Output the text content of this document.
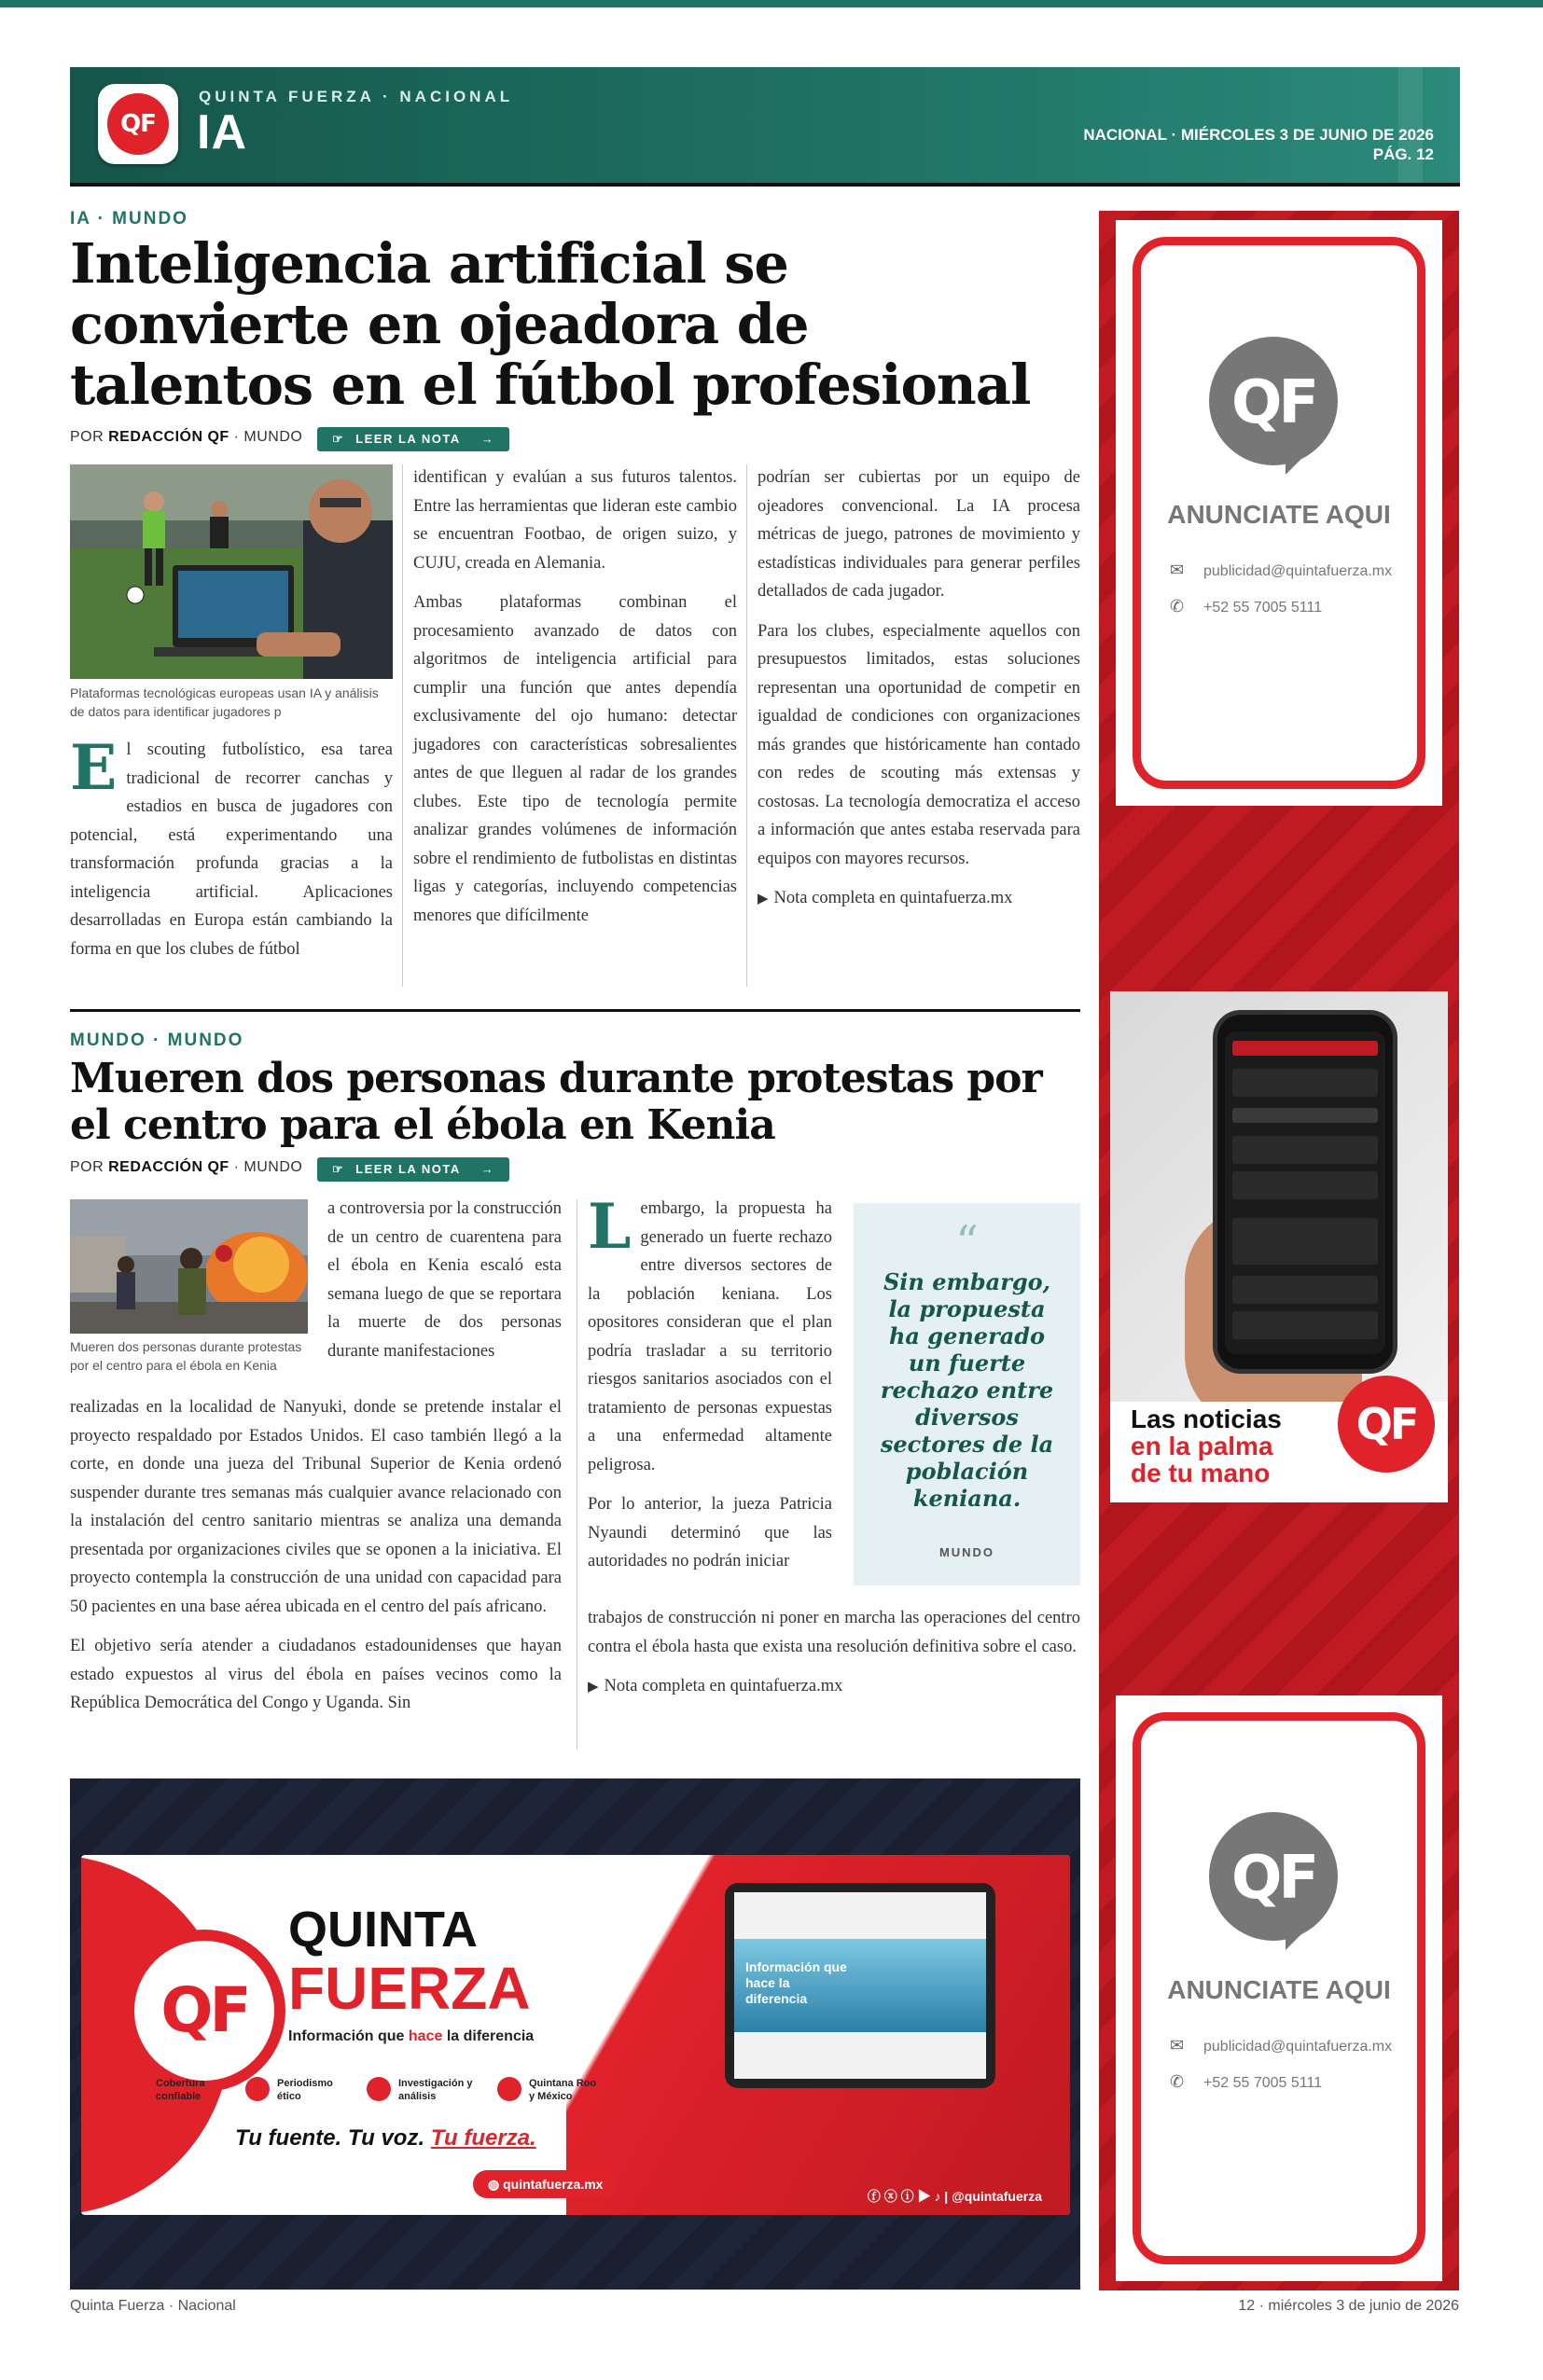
QF
QUINTA FUERZA · NACIONAL
IA	NACIONAL · MIÉRCOLES 3 DE JUNIO DE 2026
PÁG. 12
IA · MUNDO
Inteligencia artificial se
convierte en ojeadora de
talentos en el fútbol profesional
POR REDACCIÓN QF · MUNDO	☞ LEER LA NOTA →
Plataformas tecnológicas europeas usan IA y análisis de datos para identificar jugadores p
El scouting futbolístico, esa tarea tradicional de recorrer canchas y estadios en busca de jugadores con potencial, está experimentando una transformación profunda gracias a la inteligencia artificial. Aplicaciones desarrolladas en Europa están cambiando la forma en que los clubes de fútbol

identifican y evalúan a sus futuros talentos. Entre las herramientas que lideran este cambio se encuentran Footbao, de origen suizo, y CUJU, creada en Alemania.

Ambas plataformas combinan el procesamiento avanzado de datos con algoritmos de inteligencia artificial para cumplir una función que antes dependía exclusivamente del ojo humano: detectar jugadores con características sobresalientes antes de que lleguen al radar de los grandes clubes. Este tipo de tecnología permite analizar grandes volúmenes de información sobre el rendimiento de futbolistas en distintas ligas y categorías, incluyendo competencias menores que difícilmente

podrían ser cubiertas por un equipo de ojeadores convencional. La IA procesa métricas de juego, patrones de movimiento y estadísticas individuales para generar perfiles detallados de cada jugador.

Para los clubes, especialmente aquellos con presupuestos limitados, estas soluciones representan una oportunidad de competir en igualdad de condiciones con organizaciones más grandes que históricamente han contado con redes de scouting más extensas y costosas. La tecnología democratiza el acceso a información que antes estaba reservada para equipos con mayores recursos.

▶ Nota completa en quintafuerza.mx

MUNDO · MUNDO
Mueren dos personas durante protestas por
el centro para el ébola en Kenia
POR REDACCIÓN QF · MUNDO	☞ LEER LA NOTA →
Mueren dos personas durante protestas por el centro para el ébola en Kenia
a controversia por la construcción de un centro de cuarentena para el ébola en Kenia escaló esta semana luego de que se reportara la muerte de dos personas durante manifestaciones

realizadas en la localidad de Nanyuki, donde se pretende instalar el proyecto respaldado por Estados Unidos. El caso también llegó a la corte, en donde una jueza del Tribunal Superior de Kenia ordenó suspender durante tres semanas más cualquier avance relacionado con la instalación del centro sanitario mientras se analiza una demanda presentada por organizaciones civiles que se oponen a la iniciativa. El proyecto contempla la construcción de una unidad con capacidad para 50 pacientes en una base aérea ubicada en el centro del país africano.

El objetivo sería atender a ciudadanos estadounidenses que hayan estado expuestos al virus del ébola en países vecinos como la República Democrática del Congo y Uganda. Sin

Lembargo, la propuesta ha generado un fuerte rechazo entre diversos sectores de la población keniana. Los opositores consideran que el plan podría trasladar a su territorio riesgos sanitarios asociados con el tratamiento de personas expuestas a una enfermedad altamente peligrosa.

Por lo anterior, la jueza Patricia Nyaundi determinó que las autoridades no podrán iniciar

trabajos de construcción ni poner en marcha las operaciones del centro contra el ébola hasta que exista una resolución definitiva sobre el caso.

▶ Nota completa en quintafuerza.mx

“
Sin embargo, la propuesta ha generado un fuerte rechazo entre diversos sectores de la población keniana.
MUNDO
QF
ANUNCIATE AQUI
✉ publicidad@quintafuerza.mx
✆ +52 55 7005 5111
Las noticias
en la palma
de tu mano
QF
QF
ANUNCIATE AQUI
✉ publicidad@quintafuerza.mx
✆ +52 55 7005 5111
QF
QUINTA
FUERZA
Información que hace la diferencia
Cobertura confiable
Periodismo ético
Investigación y análisis
Quintana Roo y México
Tu fuente. Tu voz. Tu fuerza.
◍ quintafuerza.mx
Información que hace la diferencia
ⓕ ⓧ ⓘ ▶ ♪ | @quintafuerza
Quinta Fuerza · Nacional	12 · miércoles 3 de junio de 2026
